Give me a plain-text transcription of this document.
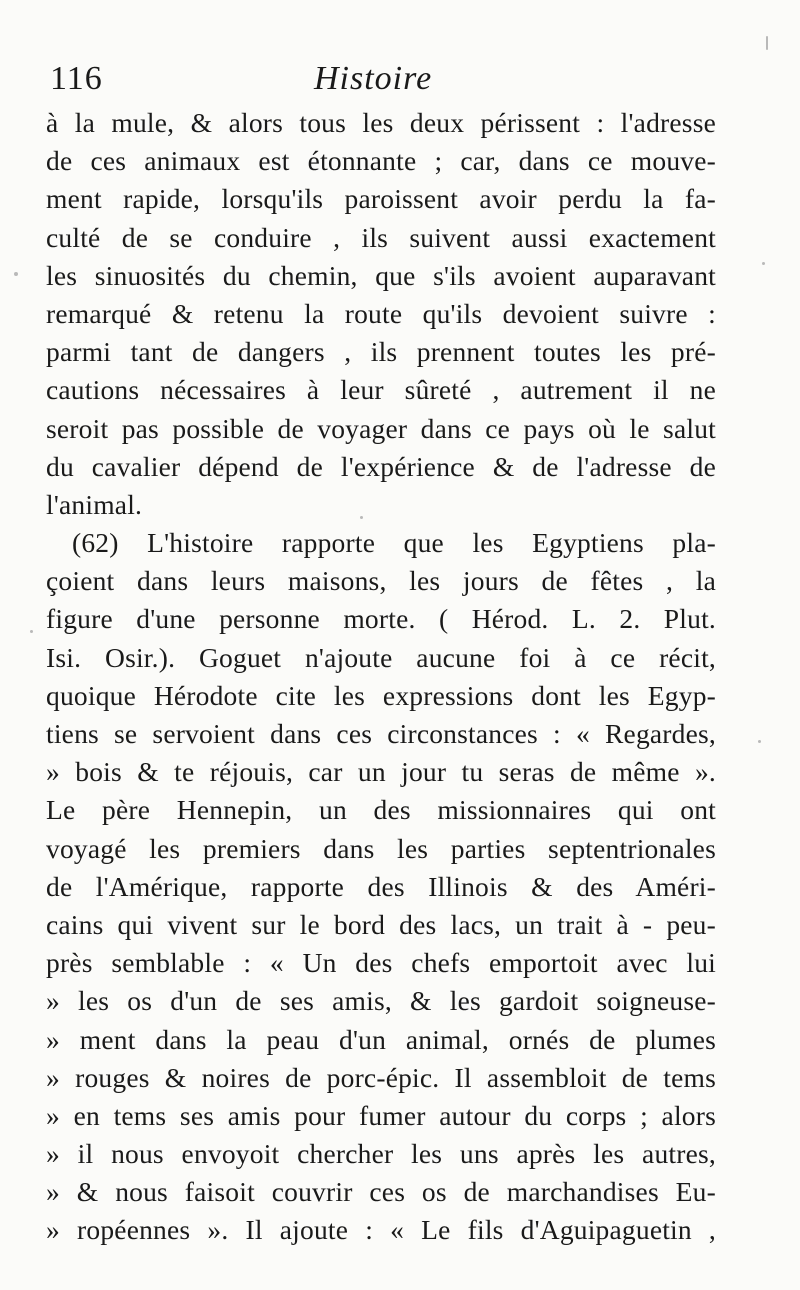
116	Histoire
à la mule, & alors tous les deux périssent : l'adresse
de ces animaux est étonnante ; car, dans ce mouve-
ment rapide, lorsqu'ils paroissent avoir perdu la fa-
culté de se conduire , ils suivent aussi exactement
les sinuosités du chemin, que s'ils avoient auparavant
remarqué & retenu la route qu'ils devoient suivre :
parmi tant de dangers , ils prennent toutes les pré-
cautions nécessaires à leur sûreté , autrement il ne
seroit pas possible de voyager dans ce pays où le salut
du cavalier dépend de l'expérience & de l'adresse de
l'animal.
(62) L'histoire rapporte que les Egyptiens pla-
çoient dans leurs maisons, les jours de fêtes , la
figure d'une personne morte. ( Hérod. L. 2. Plut.
Isi. Osir.). Goguet n'ajoute aucune foi à ce récit,
quoique Hérodote cite les expressions dont les Egyp-
tiens se servoient dans ces circonstances : « Regardes,
» bois & te réjouis, car un jour tu seras de même ».
Le père Hennepin, un des missionnaires qui ont
voyagé les premiers dans les parties septentrionales
de l'Amérique, rapporte des Illinois & des Améri-
cains qui vivent sur le bord des lacs, un trait à - peu-
près semblable : « Un des chefs emportoit avec lui
» les os d'un de ses amis, & les gardoit soigneuse-
» ment dans la peau d'un animal, ornés de plumes
» rouges & noires de porc-épic. Il assembloit de tems
» en tems ses amis pour fumer autour du corps ; alors
» il nous envoyoit chercher les uns après les autres,
» & nous faisoit couvrir ces os de marchandises Eu-
» ropéennes ». Il ajoute : « Le fils d'Aguipaguetin ,
